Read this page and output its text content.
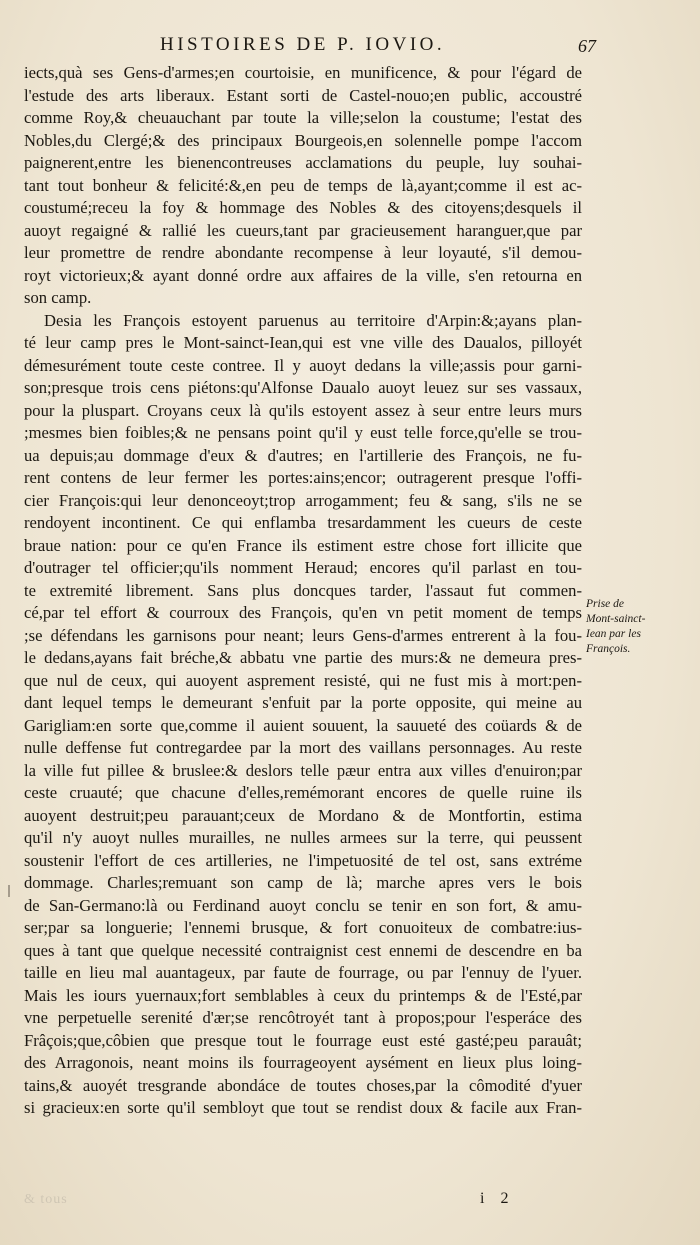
HISTOIRES DE P. IOVIO.	67
iects,quà ses Gens-d'armes;en courtoisie, en munificence, & pour l'égard de
l'estude des arts liberaux. Estant sorti de Castel-nouo;en public, accoustré
comme Roy,& cheuauchant par toute la ville;selon la coustume; l'estat des
Nobles,du Clergé;& des principaux Bourgeois,en solennelle pompe l'accom
paignerent,entre les bienencontreuses acclamations du peuple, luy souhai-
tant tout bonheur & felicité:&,en peu de temps de là,ayant;comme il est ac-
coustumé;receu la foy & hommage des Nobles & des citoyens;desquels il
auoyt regaigné & rallié les cueurs,tant par gracieusement haranguer,que par
leur promettre de rendre abondante recompense à leur loyauté, s'il demou-
royt victorieux;& ayant donné ordre aux affaires de la ville, s'en retourna en
son camp.
Desia les François estoyent paruenus au territoire d'Arpin:&;ayans plan-
té leur camp pres le Mont-sainct-Iean,qui est vne ville des Daualos, pilloyét
démesurément toute ceste contree. Il y auoyt dedans la ville;assis pour garni-
son;presque trois cens piétons:qu'Alfonse Daualo auoyt leuez sur ses vassaux,
pour la pluspart. Croyans ceux là qu'ils estoyent assez à seur entre leurs murs
;mesmes bien foibles;& ne pensans point qu'il y eust telle force,qu'elle se trou-
ua depuis;au dommage d'eux & d'autres; en l'artillerie des François, ne fu-
rent contens de leur fermer les portes:ains;encor; outragerent presque l'offi-
cier François:qui leur denonceoyt;trop arrogamment; feu & sang, s'ils ne se
rendoyent incontinent. Ce qui enflamba tresardamment les cueurs de ceste
braue nation: pour ce qu'en France ils estiment estre chose fort illicite que
d'outrager tel officier;qu'ils nomment Heraud; encores qu'il parlast en tou-
te extremité librement. Sans plus doncques tarder, l'assaut fut commen-
cé,par tel effort & courroux des François, qu'en vn petit moment de temps
;se défendans les garnisons pour neant; leurs Gens-d'armes entrerent à la fou-
le dedans,ayans fait bréche,& abbatu vne partie des murs:& ne demeura pres-
que nul de ceux, qui auoyent asprement resisté, qui ne fust mis à mort:pen-
dant lequel temps le demeurant s'enfuit par la porte opposite, qui meine au
Garigliam:en sorte que,comme il auient souuent, la sauueté des coüards & de
nulle deffense fut contregardee par la mort des vaillans personnages. Au reste
la ville fut pillee & bruslee:& deslors telle pæur entra aux villes d'enuiron;par
ceste cruauté; que chacune d'elles,remémorant encores de quelle ruine ils
auoyent destruit;peu parauant;ceux de Mordano & de Montfortin, estima
qu'il n'y auoyt nulles murailles, ne nulles armees sur la terre, qui peussent
soustenir l'effort de ces artilleries, ne l'impetuosité de tel ost, sans extréme
dommage. Charles;remuant son camp de là; marche apres vers le bois
de San-Germano:là ou Ferdinand auoyt conclu se tenir en son fort, & amu-
ser;par sa longuerie; l'ennemi brusque, & fort conuoiteux de combatre:ius-
ques à tant que quelque necessité contraignist cest ennemi de descendre en ba
taille en lieu mal auantageux, par faute de fourrage, ou par l'ennuy de l'yuer.
Mais les iours yuernaux;fort semblables à ceux du printemps & de l'Esté,par
vne perpetuelle serenité d'ær;se rencôtroyét tant à propos;pour l'esperáce des
Frâçois;que,côbien que presque tout le fourrage eust esté gasté;peu parauât;
des Arragonois, neant moins ils fourrageoyent aysément en lieux plus loing-
tains,& auoyét tresgrande abondáce de toutes choses,par la cômodité d'yuer
si gracieux:en sorte qu'il sembloyt que tout se rendist doux & facile aux Fran-
Prise de
Mont-sainct-
Iean par les
François.
& tous	i 2
